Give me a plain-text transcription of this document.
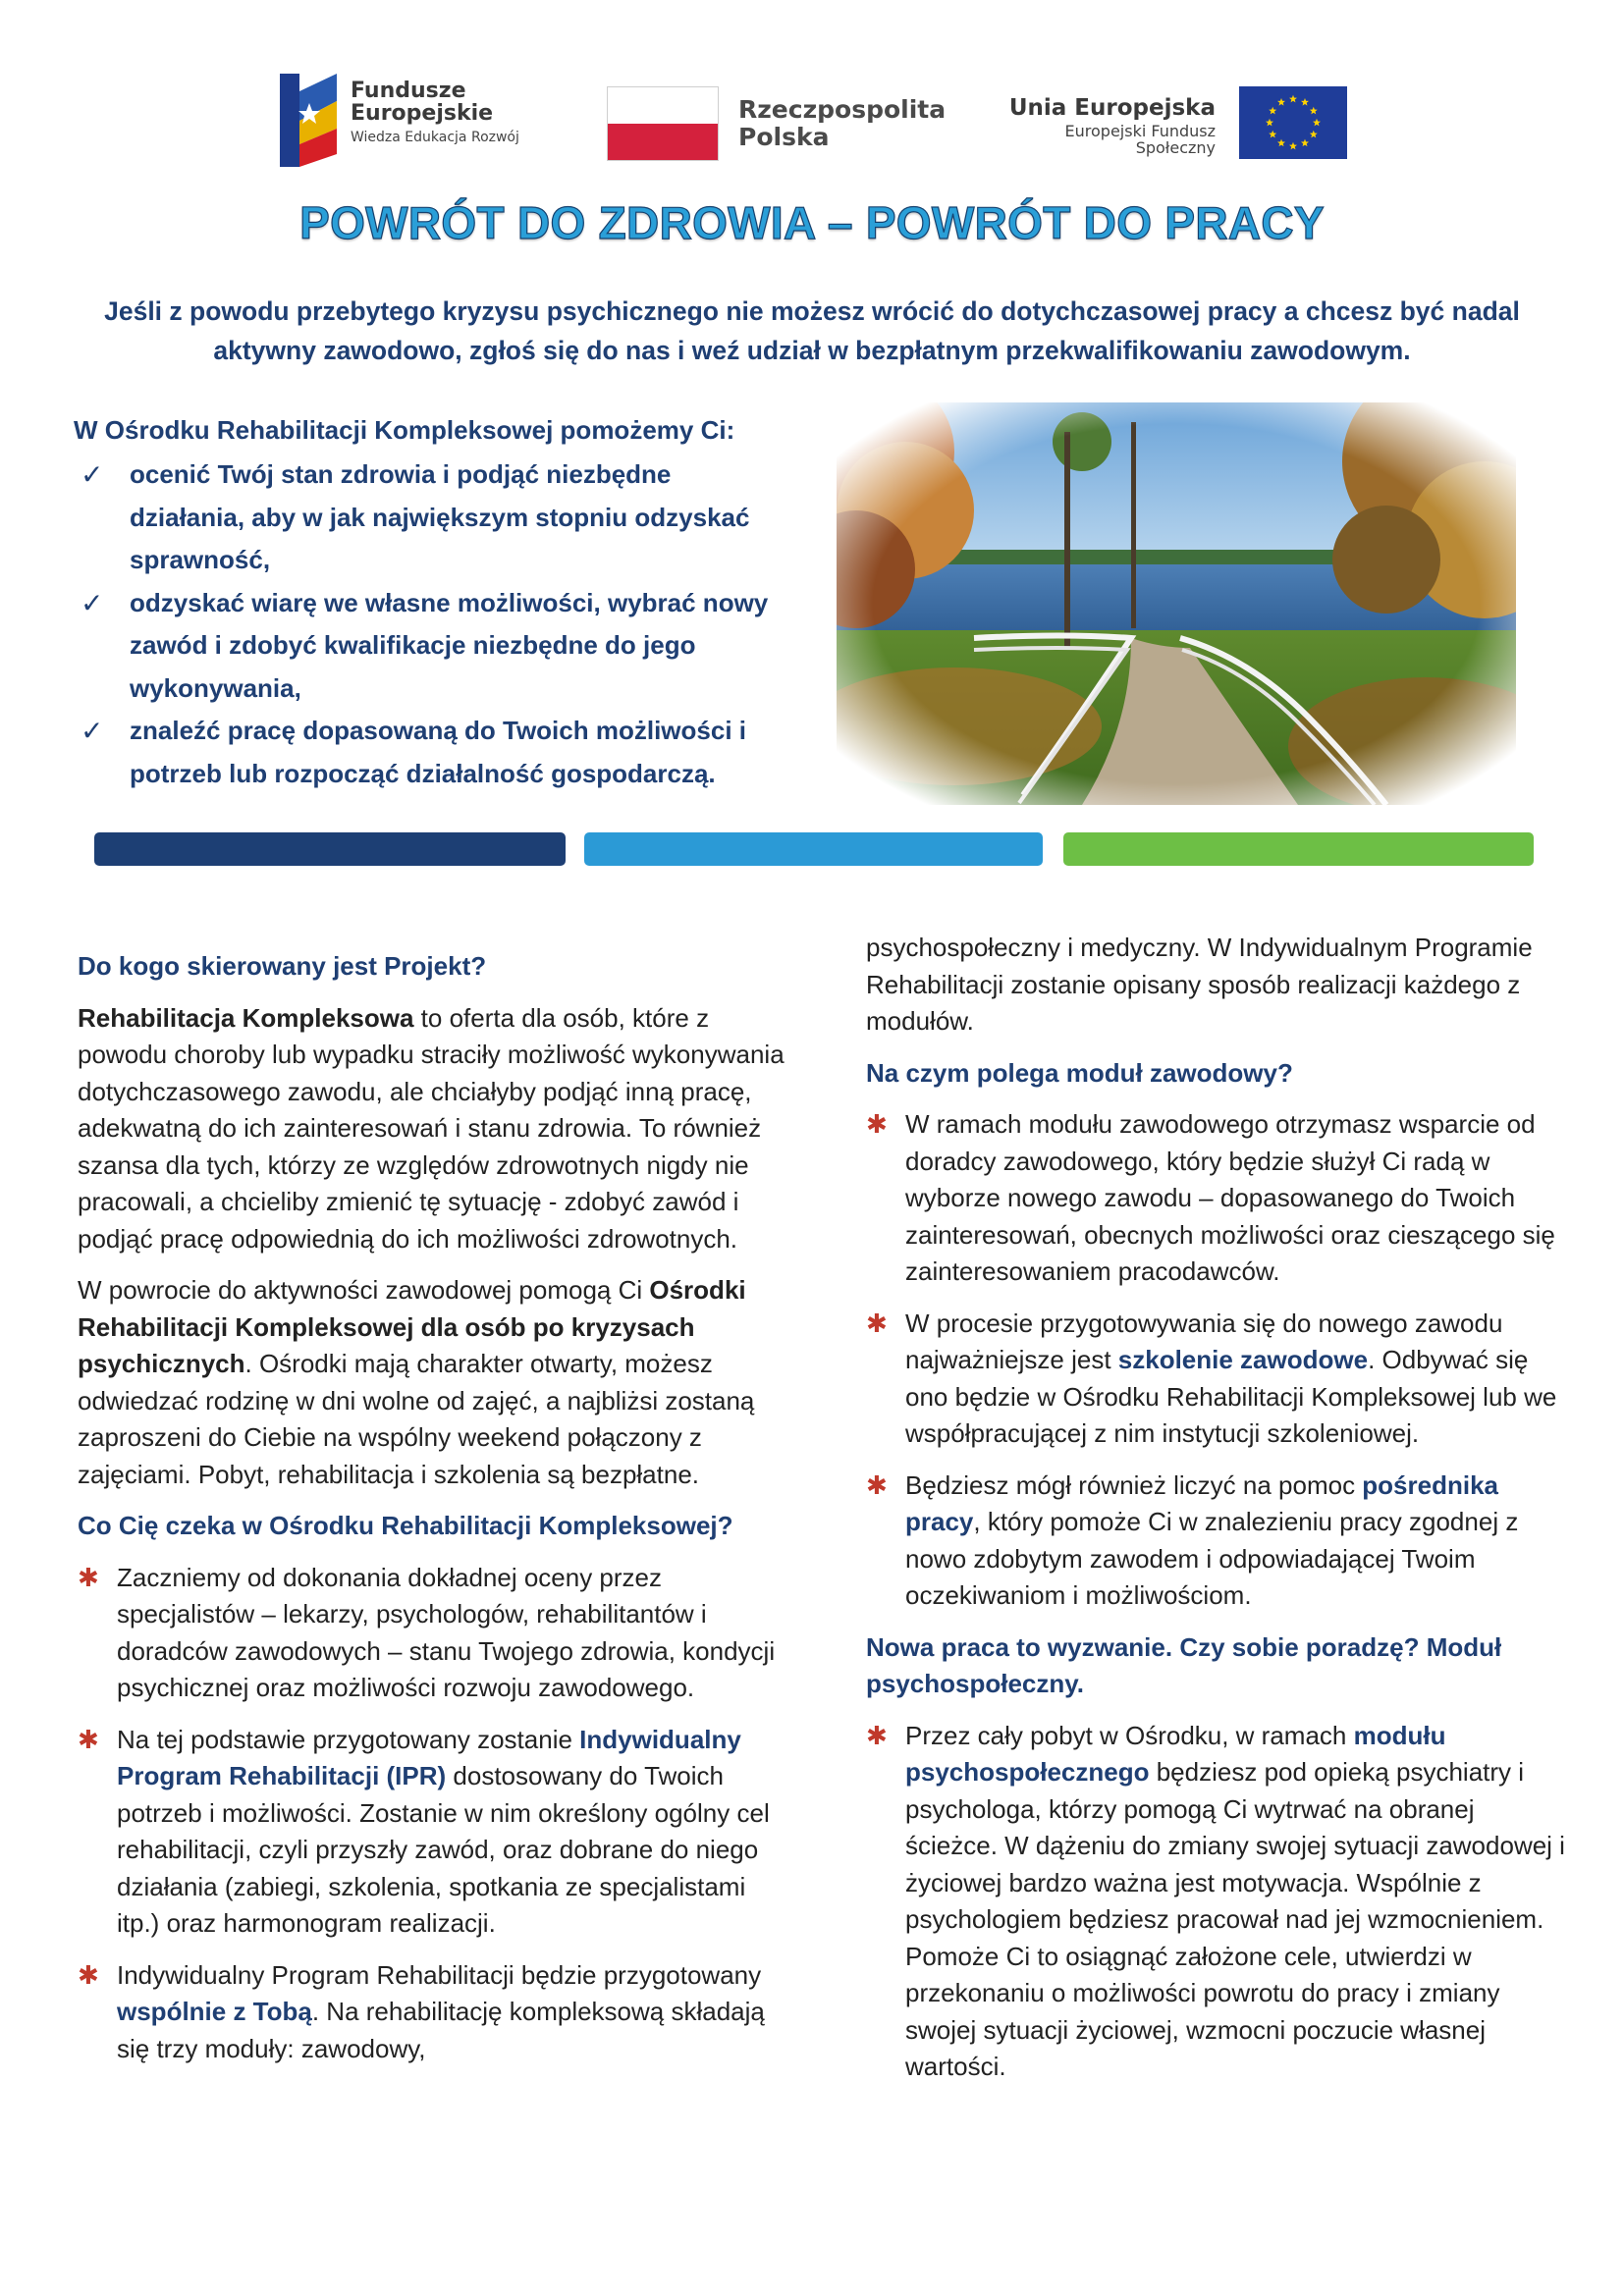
Fundusze
Europejskie
Wiedza Edukacja Rozwój
Rzeczpospolita
Polska
Unia Europejska
Europejski Fundusz Społeczny
POWRÓT DO ZDROWIA – POWRÓT DO PRACY
Jeśli z powodu przebytego kryzysu psychicznego nie możesz wrócić do dotychczasowej pracy a chcesz być nadal aktywny zawodowo, zgłoś się do nas i weź udział w bezpłatnym przekwalifikowaniu zawodowym.
W Ośrodku Rehabilitacji Kompleksowej pomożemy Ci:
✓ ocenić Twój stan zdrowia i podjąć niezbędne działania, aby w jak największym stopniu odzyskać sprawność,
✓ odzyskać wiarę we własne możliwości, wybrać nowy zawód i zdobyć kwalifikacje niezbędne do jego wykonywania,
✓ znaleźć pracę dopasowaną do Twoich możliwości i potrzeb lub rozpocząć działalność gospodarczą.
Do kogo skierowany jest Projekt?

Rehabilitacja Kompleksowa to oferta dla osób, które z powodu choroby lub wypadku straciły możliwość wykonywania dotychczasowego zawodu, ale chciałyby podjąć inną pracę, adekwatną do ich zainteresowań i stanu zdrowia. To również szansa dla tych, którzy ze względów zdrowotnych nigdy nie pracowali, a chcieliby zmienić tę sytuację - zdobyć zawód i podjąć pracę odpowiednią do ich możliwości zdrowotnych.

W powrocie do aktywności zawodowej pomogą Ci Ośrodki Rehabilitacji Kompleksowej dla osób po kryzysach psychicznych. Ośrodki mają charakter otwarty, możesz odwiedzać rodzinę w dni wolne od zajęć, a najbliżsi zostaną zaproszeni do Ciebie na wspólny weekend połączony z zajęciami. Pobyt, rehabilitacja i szkolenia są bezpłatne.

Co Cię czeka w Ośrodku Rehabilitacji Kompleksowej?
✱ Zaczniemy od dokonania dokładnej oceny przez specjalistów – lekarzy, psychologów, rehabilitantów i doradców zawodowych – stanu Twojego zdrowia, kondycji psychicznej oraz możliwości rozwoju zawodowego.
✱ Na tej podstawie przygotowany zostanie Indywidualny Program Rehabilitacji (IPR) dostosowany do Twoich potrzeb i możliwości. Zostanie w nim określony ogólny cel rehabilitacji, czyli przyszły zawód, oraz dobrane do niego działania (zabiegi, szkolenia, spotkania ze specjalistami itp.) oraz harmonogram realizacji.
✱ Indywidualny Program Rehabilitacji będzie przygotowany wspólnie z Tobą. Na rehabilitację kompleksową składają się trzy moduły: zawodowy,

psychospołeczny i medyczny. W Indywidualnym Programie Rehabilitacji zostanie opisany sposób realizacji każdego z modułów.

Na czym polega moduł zawodowy?
✱ W ramach modułu zawodowego otrzymasz wsparcie od doradcy zawodowego, który będzie służył Ci radą w wyborze nowego zawodu – dopasowanego do Twoich zainteresowań, obecnych możliwości oraz cieszącego się zainteresowaniem pracodawców.
✱ W procesie przygotowywania się do nowego zawodu najważniejsze jest szkolenie zawodowe. Odbywać się ono będzie w Ośrodku Rehabilitacji Kompleksowej lub we współpracującej z nim instytucji szkoleniowej.
✱ Będziesz mógł również liczyć na pomoc pośrednika pracy, który pomoże Ci w znalezieniu pracy zgodnej z nowo zdobytym zawodem i odpowiadającej Twoim oczekiwaniom i możliwościom.
Nowa praca to wyzwanie. Czy sobie poradzę? Moduł psychospołeczny.
✱ Przez cały pobyt w Ośrodku, w ramach modułu psychospołecznego będziesz pod opieką psychiatry i psychologa, którzy pomogą Ci wytrwać na obranej ścieżce. W dążeniu do zmiany swojej sytuacji zawodowej i życiowej bardzo ważna jest motywacja. Wspólnie z psychologiem będziesz pracował nad jej wzmocnieniem. Pomoże Ci to osiągnąć założone cele, utwierdzi w przekonaniu o możliwości powrotu do pracy i zmiany swojej sytuacji życiowej, wzmocni poczucie własnej wartości.
